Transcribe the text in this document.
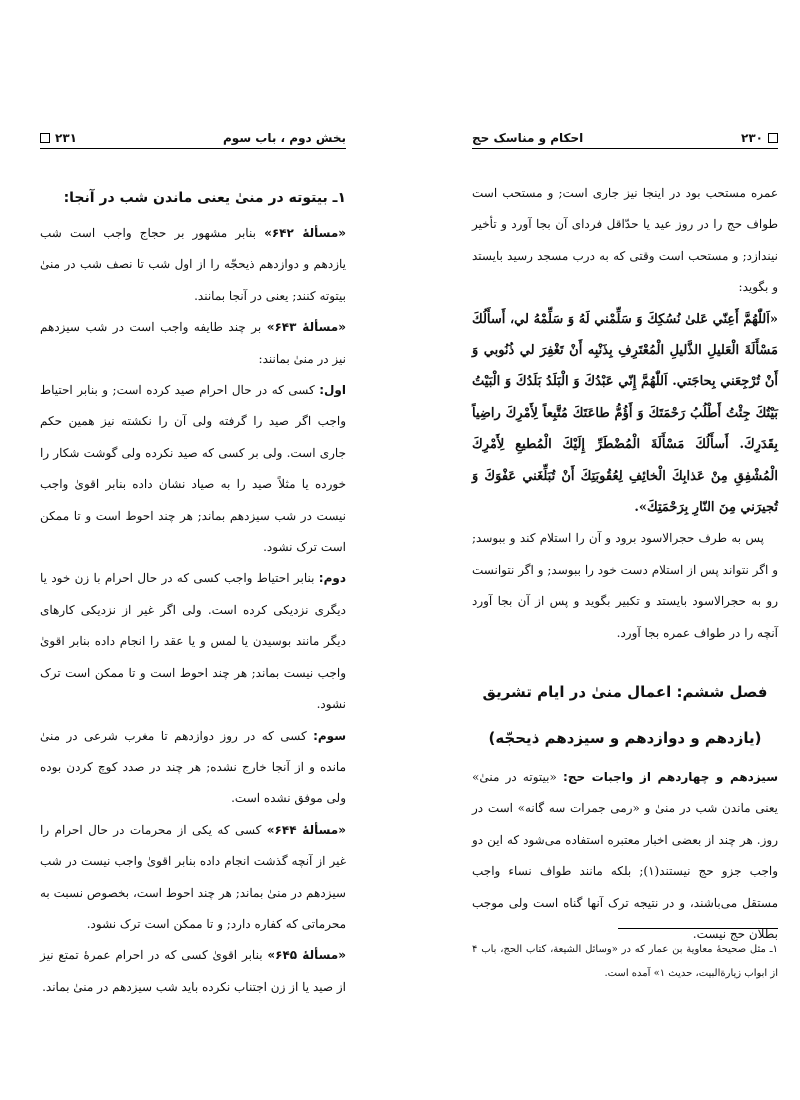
بخش دوم ، باب سوم
۲۳۱

۱ـ بیتوته در منیٰ یعنی ماندن شب در آنجا:

«مسألهٔ ۶۴۲» بنابر مشهور بر حجاج واجب است شب یازدهم و دوازدهم ذیحجّه را از اول شب تا نصف شب در منیٰ بیتوته کنند; یعنی در آنجا بمانند.

«مسألهٔ ۶۴۳» بر چند طایفه واجب است در شب سیزدهم نیز در منیٰ بمانند:

اول: کسی که در حال احرام صید کرده است; و بنابر احتیاط واجب اگر صید را گرفته ولی آن را نکشته نیز همین حکم جاری است. ولی بر کسی که صید نکرده ولی گوشت شکار را خورده یا مثلاً صید را به صیاد نشان داده بنابر اقویٰ واجب نیست در شب سیزدهم بماند; هر چند احوط است و تا ممکن است ترک نشود.

دوم: بنابر احتیاط واجب کسی که در حال احرام با زن خود یا دیگری نزدیکی کرده است. ولی اگر غیر از نزدیکی کارهای دیگر مانند بوسیدن یا لمس و یا عقد را انجام داده بنابر اقویٰ واجب نیست بماند; هر چند احوط است و تا ممکن است ترک نشود.

سوم: کسی که در روز دوازدهم تا مغرب شرعی در منیٰ مانده و از آنجا خارج نشده; هر چند در صدد کوچ کردن بوده ولی موفق نشده است.

«مسألهٔ ۶۴۴» کسی که یکی از محرمات در حال احرام را غیر از آنچه گذشت انجام داده بنابر اقویٰ واجب نیست در شب سیزدهم در منیٰ بماند; هر چند احوط است، بخصوص نسبت به محرماتی که کفاره دارد; و تا ممکن است ترک نشود.

«مسألهٔ ۶۴۵» بنابر اقویٰ کسی که در احرام عمرهٔ تمتع نیز از صید یا از زن اجتناب نکرده باید شب سیزدهم در منیٰ بماند.

۲۳۰
احکام و مناسک حج

عمره مستحب بود در اینجا نیز جاری است; و مستحب است طواف حج را در روز عید یا حدّاقل فردای آن بجا آورد و تأخیر نیندازد; و مستحب است وقتی که به درب مسجد رسید بایستد و بگوید:

«اَللّٰهُمَّ أَعِنّي عَلیٰ نُسُكِكَ وَ سَلِّمْني لَهُ وَ سَلِّمْهُ لي، أَسأَلُكَ مَسْأَلَةَ الْعَليلِ الذَّليلِ الْمُعْتَرِفِ بِذَنْبِه أَنْ تَغْفِرَ لي ذُنُوبي وَ أَنْ تُرْجِعَني بِحاجَتي. اَللّٰهُمَّ إِنّي عَبْدُكَ وَ الْبَلَدُ بَلَدُكَ وَ الْبَيْتُ بَيْتُكَ جِئْتُ أَطْلُبُ رَحْمَتَكَ وَ أَؤُمُّ طاعَتَكَ مُتَّبِعاً لِأَمْرِكَ راضِياً بِقَدَرِكَ. أَسأَلُكَ مَسْأَلَةَ الْمُضْطَرِّ إِلَيْكَ الْمُطيعِ لِأَمْرِكَ الْمُشْفِقِ مِنْ عَذابِكَ الْخائِفِ لِعُقُوبَتِكَ أَنْ تُبَلِّغَني عَفْوَكَ وَ تُجيرَني مِنَ النّارِ بِرَحْمَتِكَ».

پس به طرف حجرالاسود برود و آن را استلام کند و ببوسد; و اگر نتواند پس از استلام دست خود را ببوسد; و اگر نتوانست رو به حجرالاسود بایستد و تکبیر بگوید و پس از آن بجا آورد آنچه را در طواف عمره بجا آورد.

فصل ششم: اعمال منیٰ در ایام تشریق

(یازدهم و دوازدهم و سیزدهم ذیحجّه)

سیزدهم و چهاردهم از واجبات حج: «بیتوته در منیٰ» یعنی ماندن شب در منیٰ و «رمی جمرات سه گانه» است در روز. هر چند از بعضی اخبار معتبره استفاده می‌شود که این دو واجب جزو حج نیستند(۱); بلکه مانند طواف نساء واجب مستقل می‌باشند، و در نتیجه ترک آنها گناه است ولی موجب بطلان حج نیست.

۱ـ مثل صحیحهٔ معاویة بن عمار که در «وسائل الشیعة، کتاب الحج، باب ۴ از ابواب زیارة‌البیت، حدیث ۱» آمده است.
